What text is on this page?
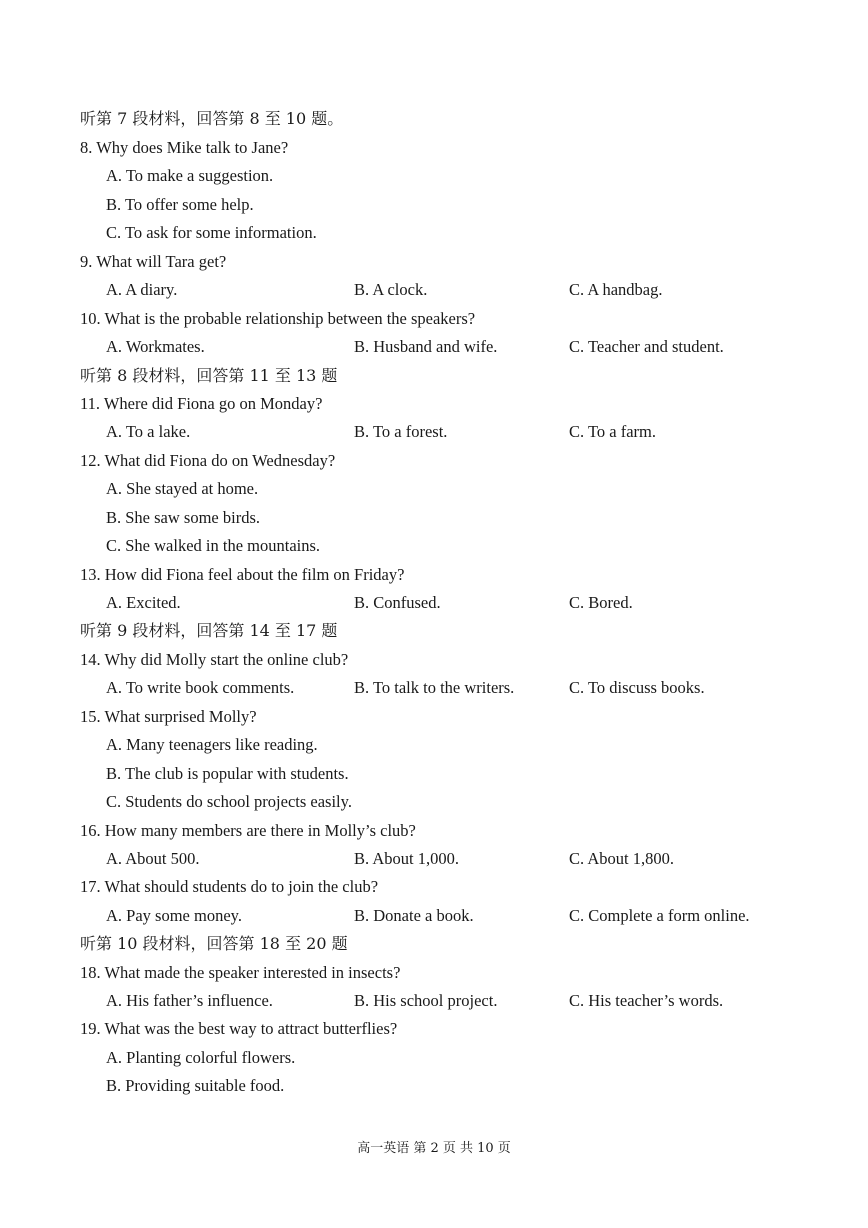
听第 7 段材料，回答第 8 至 10 题。
8. Why does Mike talk to Jane?
A. To make a suggestion.
B. To offer some help.
C. To ask for some information.
9. What will Tara get?
A. A diary.	B. A clock.	C. A handbag.
10. What is the probable relationship between the speakers?
A. Workmates.	B. Husband and wife.	C. Teacher and student.
听第 8 段材料，回答第 11 至 13 题
11. Where did Fiona go on Monday?
A. To a lake.	B. To a forest.	C. To a farm.
12. What did Fiona do on Wednesday?
A. She stayed at home.
B. She saw some birds.
C. She walked in the mountains.
13. How did Fiona feel about the film on Friday?
A. Excited.	B. Confused.	C. Bored.
听第 9 段材料，回答第 14 至 17 题
14. Why did Molly start the online club?
A. To write book comments.	B. To talk to the writers.	C. To discuss books.
15. What surprised Molly?
A. Many teenagers like reading.
B. The club is popular with students.
C. Students do school projects easily.
16. How many members are there in Molly’s club?
A. About 500.	B. About 1,000.	C. About 1,800.
17. What should students do to join the club?
A. Pay some money.	B. Donate a book.	C. Complete a form online.
听第 10 段材料，回答第 18 至 20 题
18. What made the speaker interested in insects?
A. His father’s influence.	B. His school project.	C. His teacher’s words.
19. What was the best way to attract butterflies?
A. Planting colorful flowers.
B. Providing suitable food.
高一英语 第 2 页 共 10 页
